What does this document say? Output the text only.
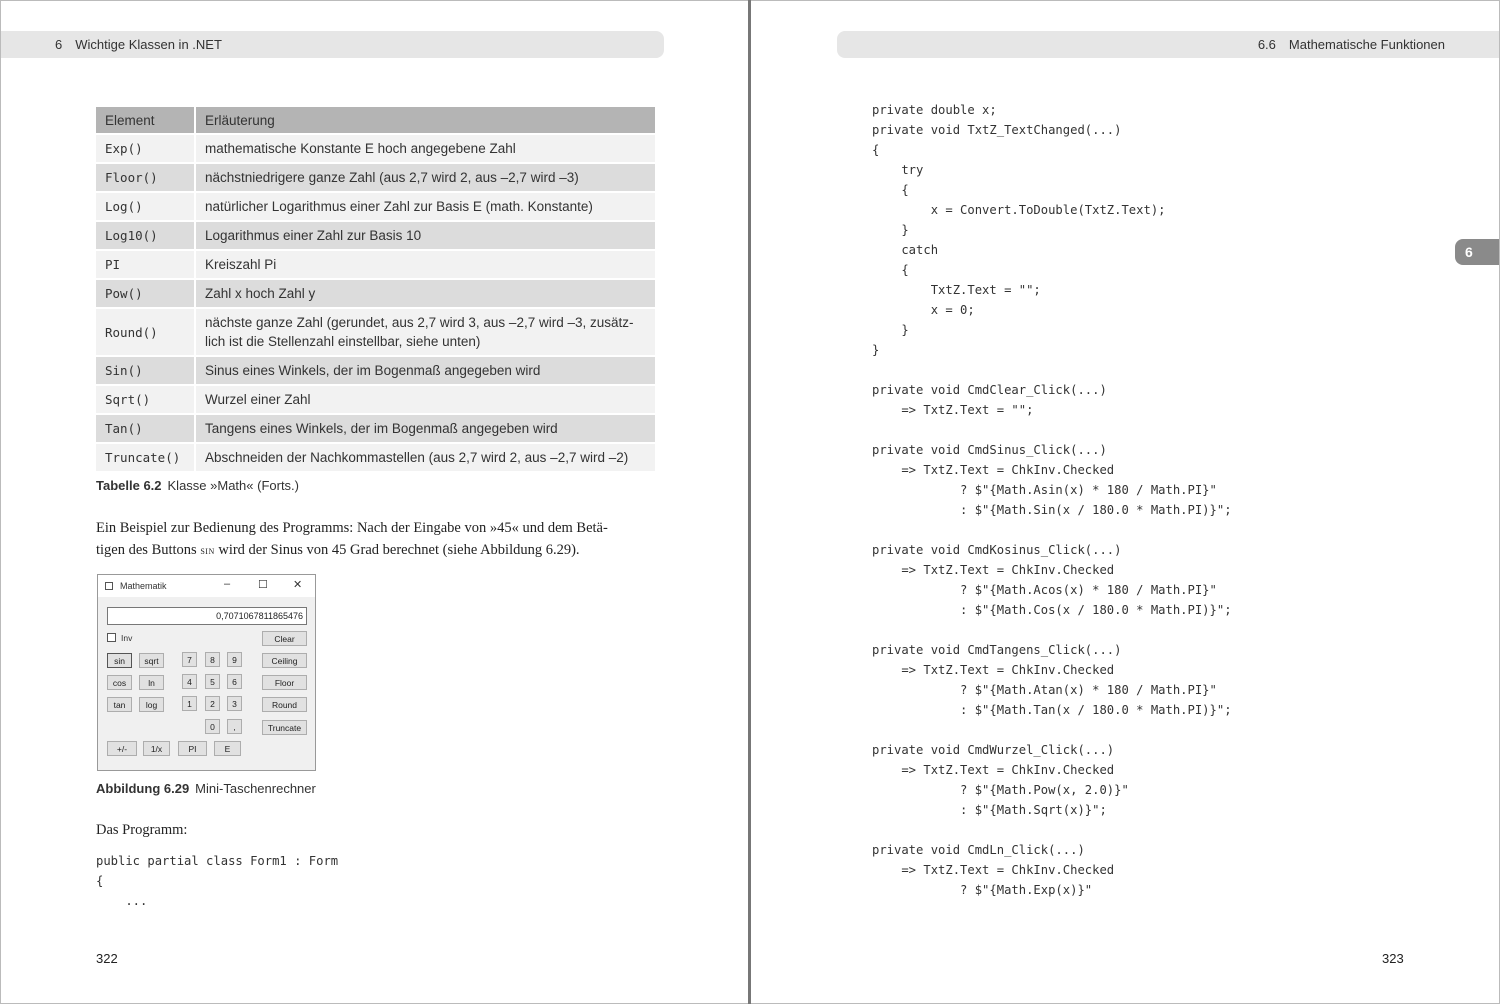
6 Wichtige Klassen in .NET
Element	Erläuterung
Exp()	mathematische Konstante E hoch angegebene Zahl
Floor()	nächstniedrigere ganze Zahl (aus 2,7 wird 2, aus –2,7 wird –3)
Log()	natürlicher Logarithmus einer Zahl zur Basis E (math. Konstante)
Log10()	Logarithmus einer Zahl zur Basis 10
PI	Kreiszahl Pi
Pow()	Zahl x hoch Zahl y
Round()	nächste ganze Zahl (gerundet, aus 2,7 wird 3, aus –2,7 wird –3, zusätz-
lich ist die Stellenzahl einstellbar, siehe unten)

Sin()	Sinus eines Winkels, der im Bogenmaß angegeben wird
Sqrt()	Wurzel einer Zahl
Tan()	Tangens eines Winkels, der im Bogenmaß angegeben wird
Truncate()	Abschneiden der Nachkommastellen (aus 2,7 wird 2, aus –2,7 wird –2)
Tabelle 6.2 Klasse »Math« (Forts.)
Ein Beispiel zur Bedienung des Programms: Nach der Eingabe von »45« und dem Betä-
tigen des Buttons sin wird der Sinus von 45 Grad berechnet (siehe Abbildung 6.29).
Mathematik	–	☐ ✕
0,7071067811865476
Inv	Clear
Ceiling
Floor
Round
Truncate
sin	sqrt
cos	ln
tan	log
7	8	9
4	5	6
1	2	3
0	,
+/-	1/x	PI	E
Abbildung 6.29 Mini-Taschenrechner
Das Programm:
public partial class Form1 : Form
{
...
322
6.6 Mathematische Funktionen
6
private double x;
private void TxtZ_TextChanged(...)
{
try
{
x = Convert.ToDouble(TxtZ.Text);
}
catch
{
TxtZ.Text = "";
x = 0;
}
}

private void CmdClear_Click(...)
=> TxtZ.Text = "";

private void CmdSinus_Click(...)
=> TxtZ.Text = ChkInv.Checked
? $"{Math.Asin(x) * 180 / Math.PI}"
: $"{Math.Sin(x / 180.0 * Math.PI)}";

private void CmdKosinus_Click(...)
=> TxtZ.Text = ChkInv.Checked
? $"{Math.Acos(x) * 180 / Math.PI}"
: $"{Math.Cos(x / 180.0 * Math.PI)}";

private void CmdTangens_Click(...)
=> TxtZ.Text = ChkInv.Checked
? $"{Math.Atan(x) * 180 / Math.PI}"
: $"{Math.Tan(x / 180.0 * Math.PI)}";

private void CmdWurzel_Click(...)
=> TxtZ.Text = ChkInv.Checked
? $"{Math.Pow(x, 2.0)}"
: $"{Math.Sqrt(x)}";

private void CmdLn_Click(...)
=> TxtZ.Text = ChkInv.Checked
? $"{Math.Exp(x)}"
323
